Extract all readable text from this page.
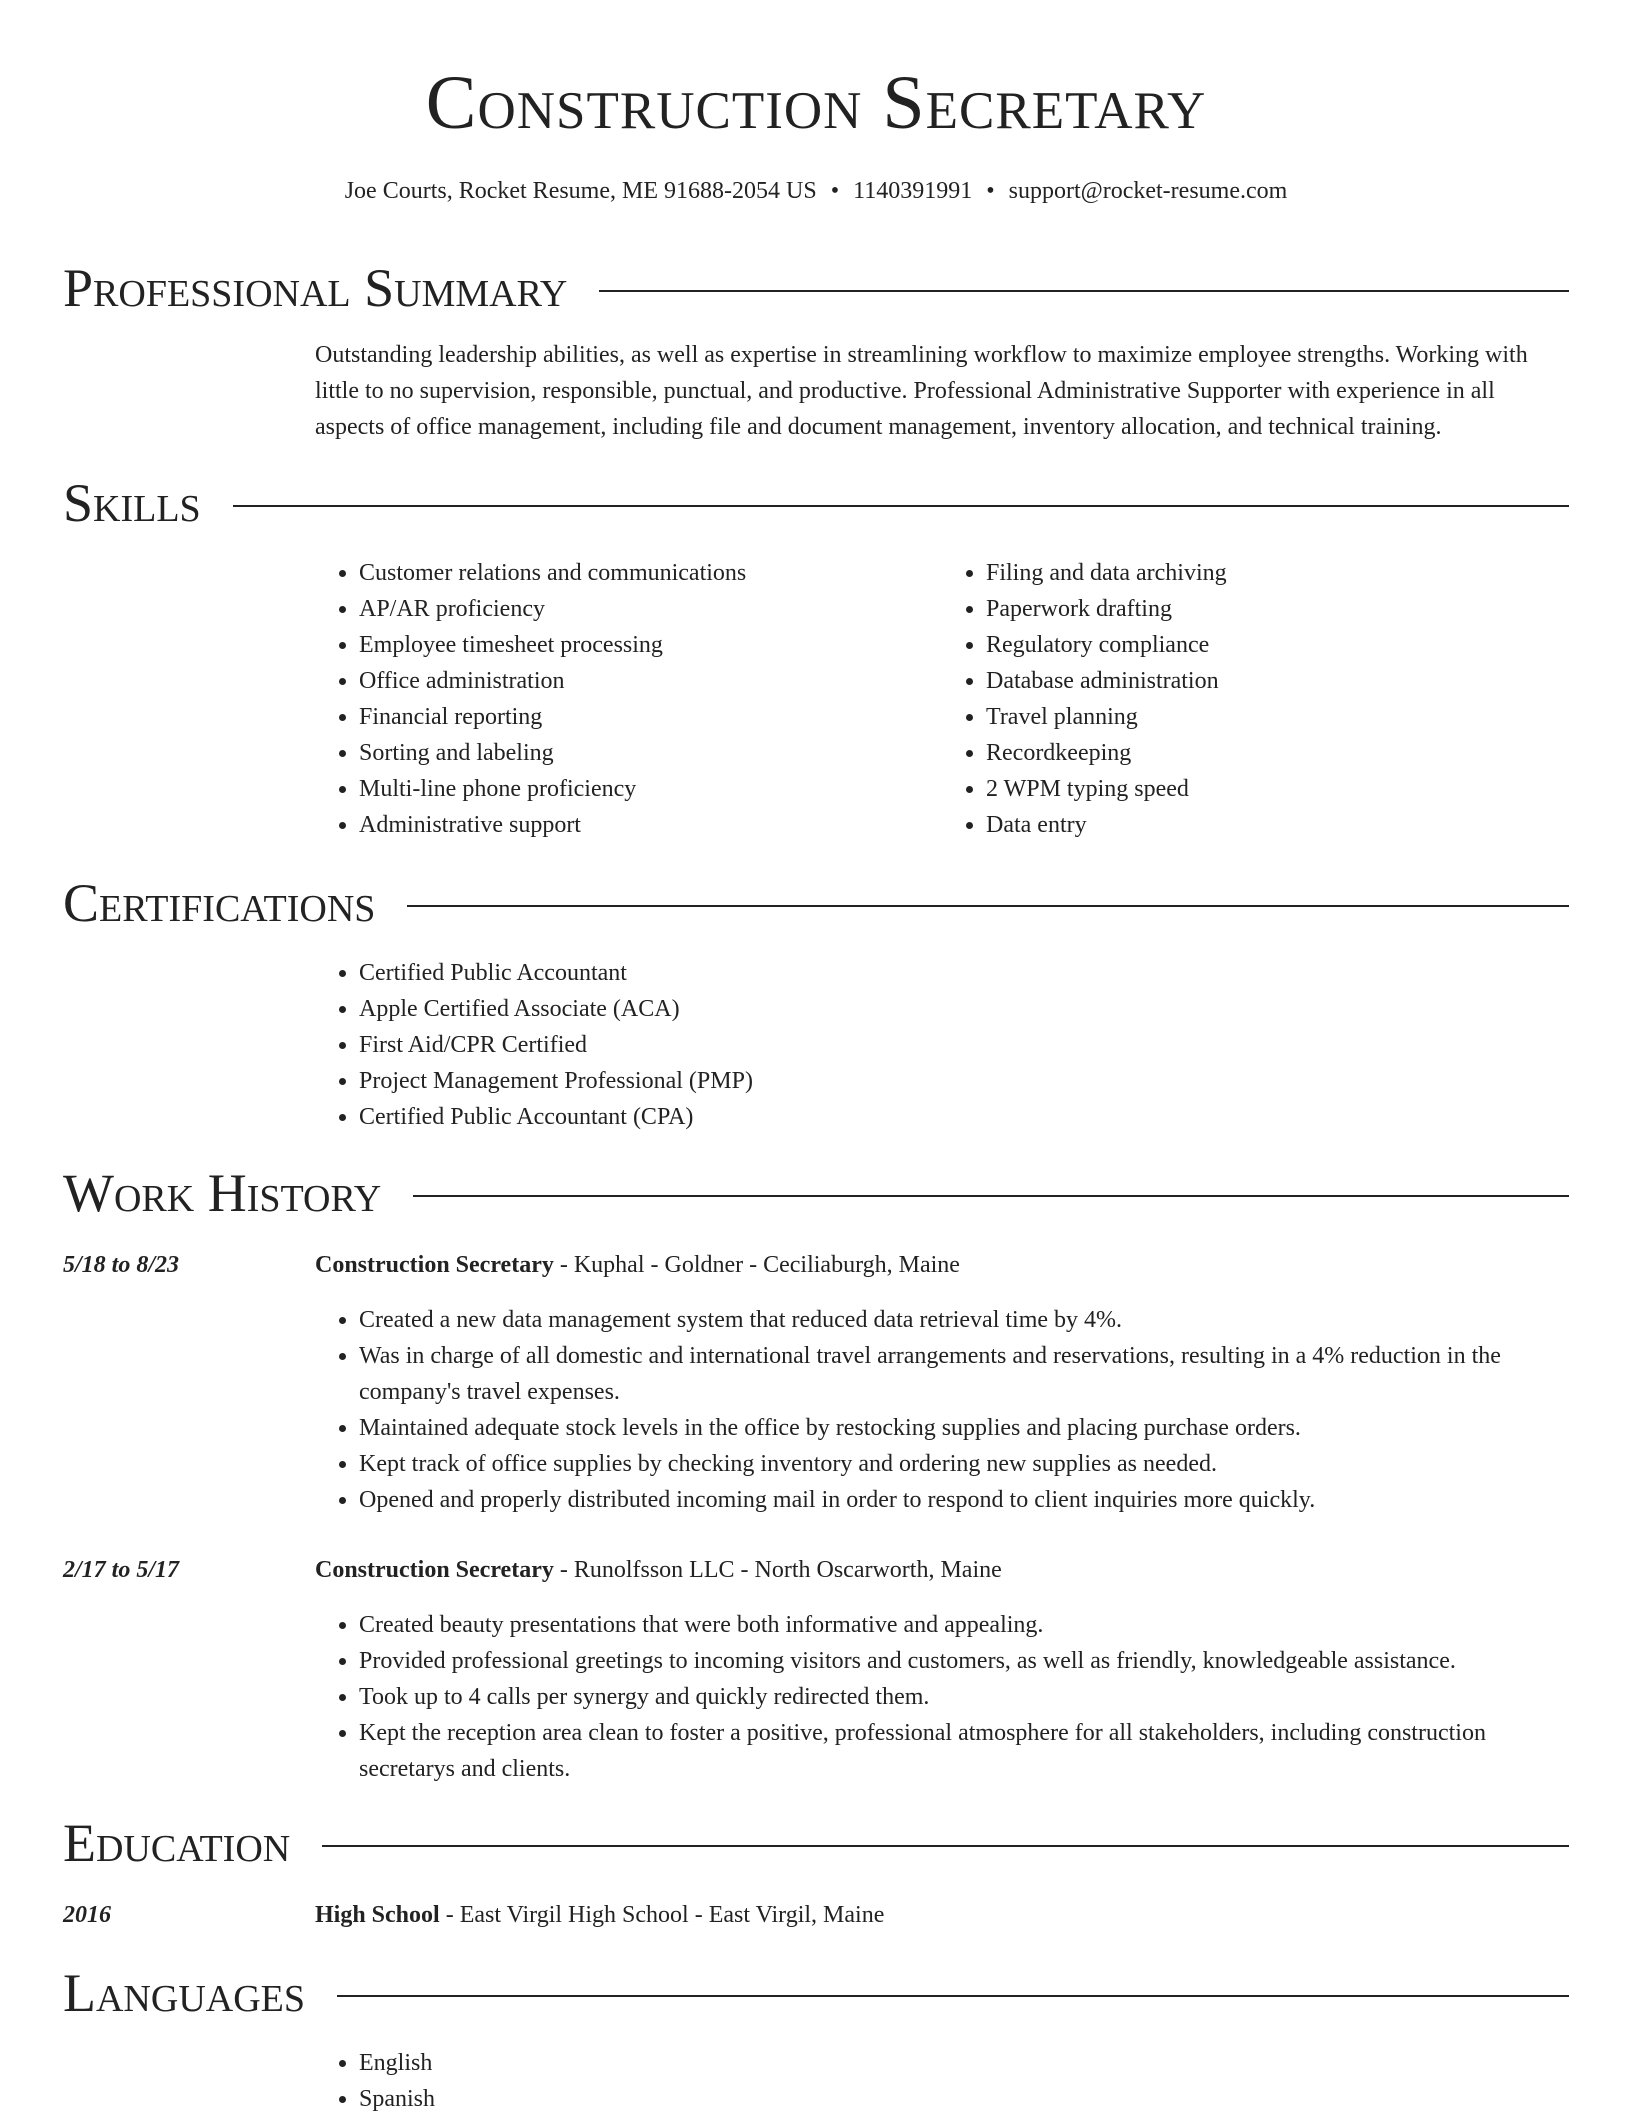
Construction Secretary
Joe Courts, Rocket Resume, ME 91688-2054 US • 1140391991 • support@rocket-resume.com
Professional Summary

Outstanding leadership abilities, as well as expertise in streamlining workflow to maximize employee strengths. Working with little to no supervision, responsible, punctual, and productive. Professional Administrative Supporter with experience in all aspects of office management, including file and document management, inventory allocation, and technical training.

Skills
• Customer relations and communications
• AP/AR proficiency
• Employee timesheet processing
• Office administration
• Financial reporting
• Sorting and labeling
• Multi-line phone proficiency
• Administrative support
• Filing and data archiving
• Paperwork drafting
• Regulatory compliance
• Database administration
• Travel planning
• Recordkeeping
• 2 WPM typing speed
• Data entry
Certifications
• Certified Public Accountant
• Apple Certified Associate (ACA)
• First Aid/CPR Certified
• Project Management Professional (PMP)
• Certified Public Accountant (CPA)
Work History
5/18 to 8/23	Construction Secretary - Kuphal - Goldner - Ceciliaburgh, Maine
• Created a new data management system that reduced data retrieval time by 4%.
• Was in charge of all domestic and international travel arrangements and reservations, resulting in a 4% reduction in the company's travel expenses.
• Maintained adequate stock levels in the office by restocking supplies and placing purchase orders.
• Kept track of office supplies by checking inventory and ordering new supplies as needed.
• Opened and properly distributed incoming mail in order to respond to client inquiries more quickly.
2/17 to 5/17	Construction Secretary - Runolfsson LLC - North Oscarworth, Maine
• Created beauty presentations that were both informative and appealing.
• Provided professional greetings to incoming visitors and customers, as well as friendly, knowledgeable assistance.
• Took up to 4 calls per synergy and quickly redirected them.
• Kept the reception area clean to foster a positive, professional atmosphere for all stakeholders, including construction secretarys and clients.
Education
2016	High School - East Virgil High School - East Virgil, Maine
Languages
• English
• Spanish
